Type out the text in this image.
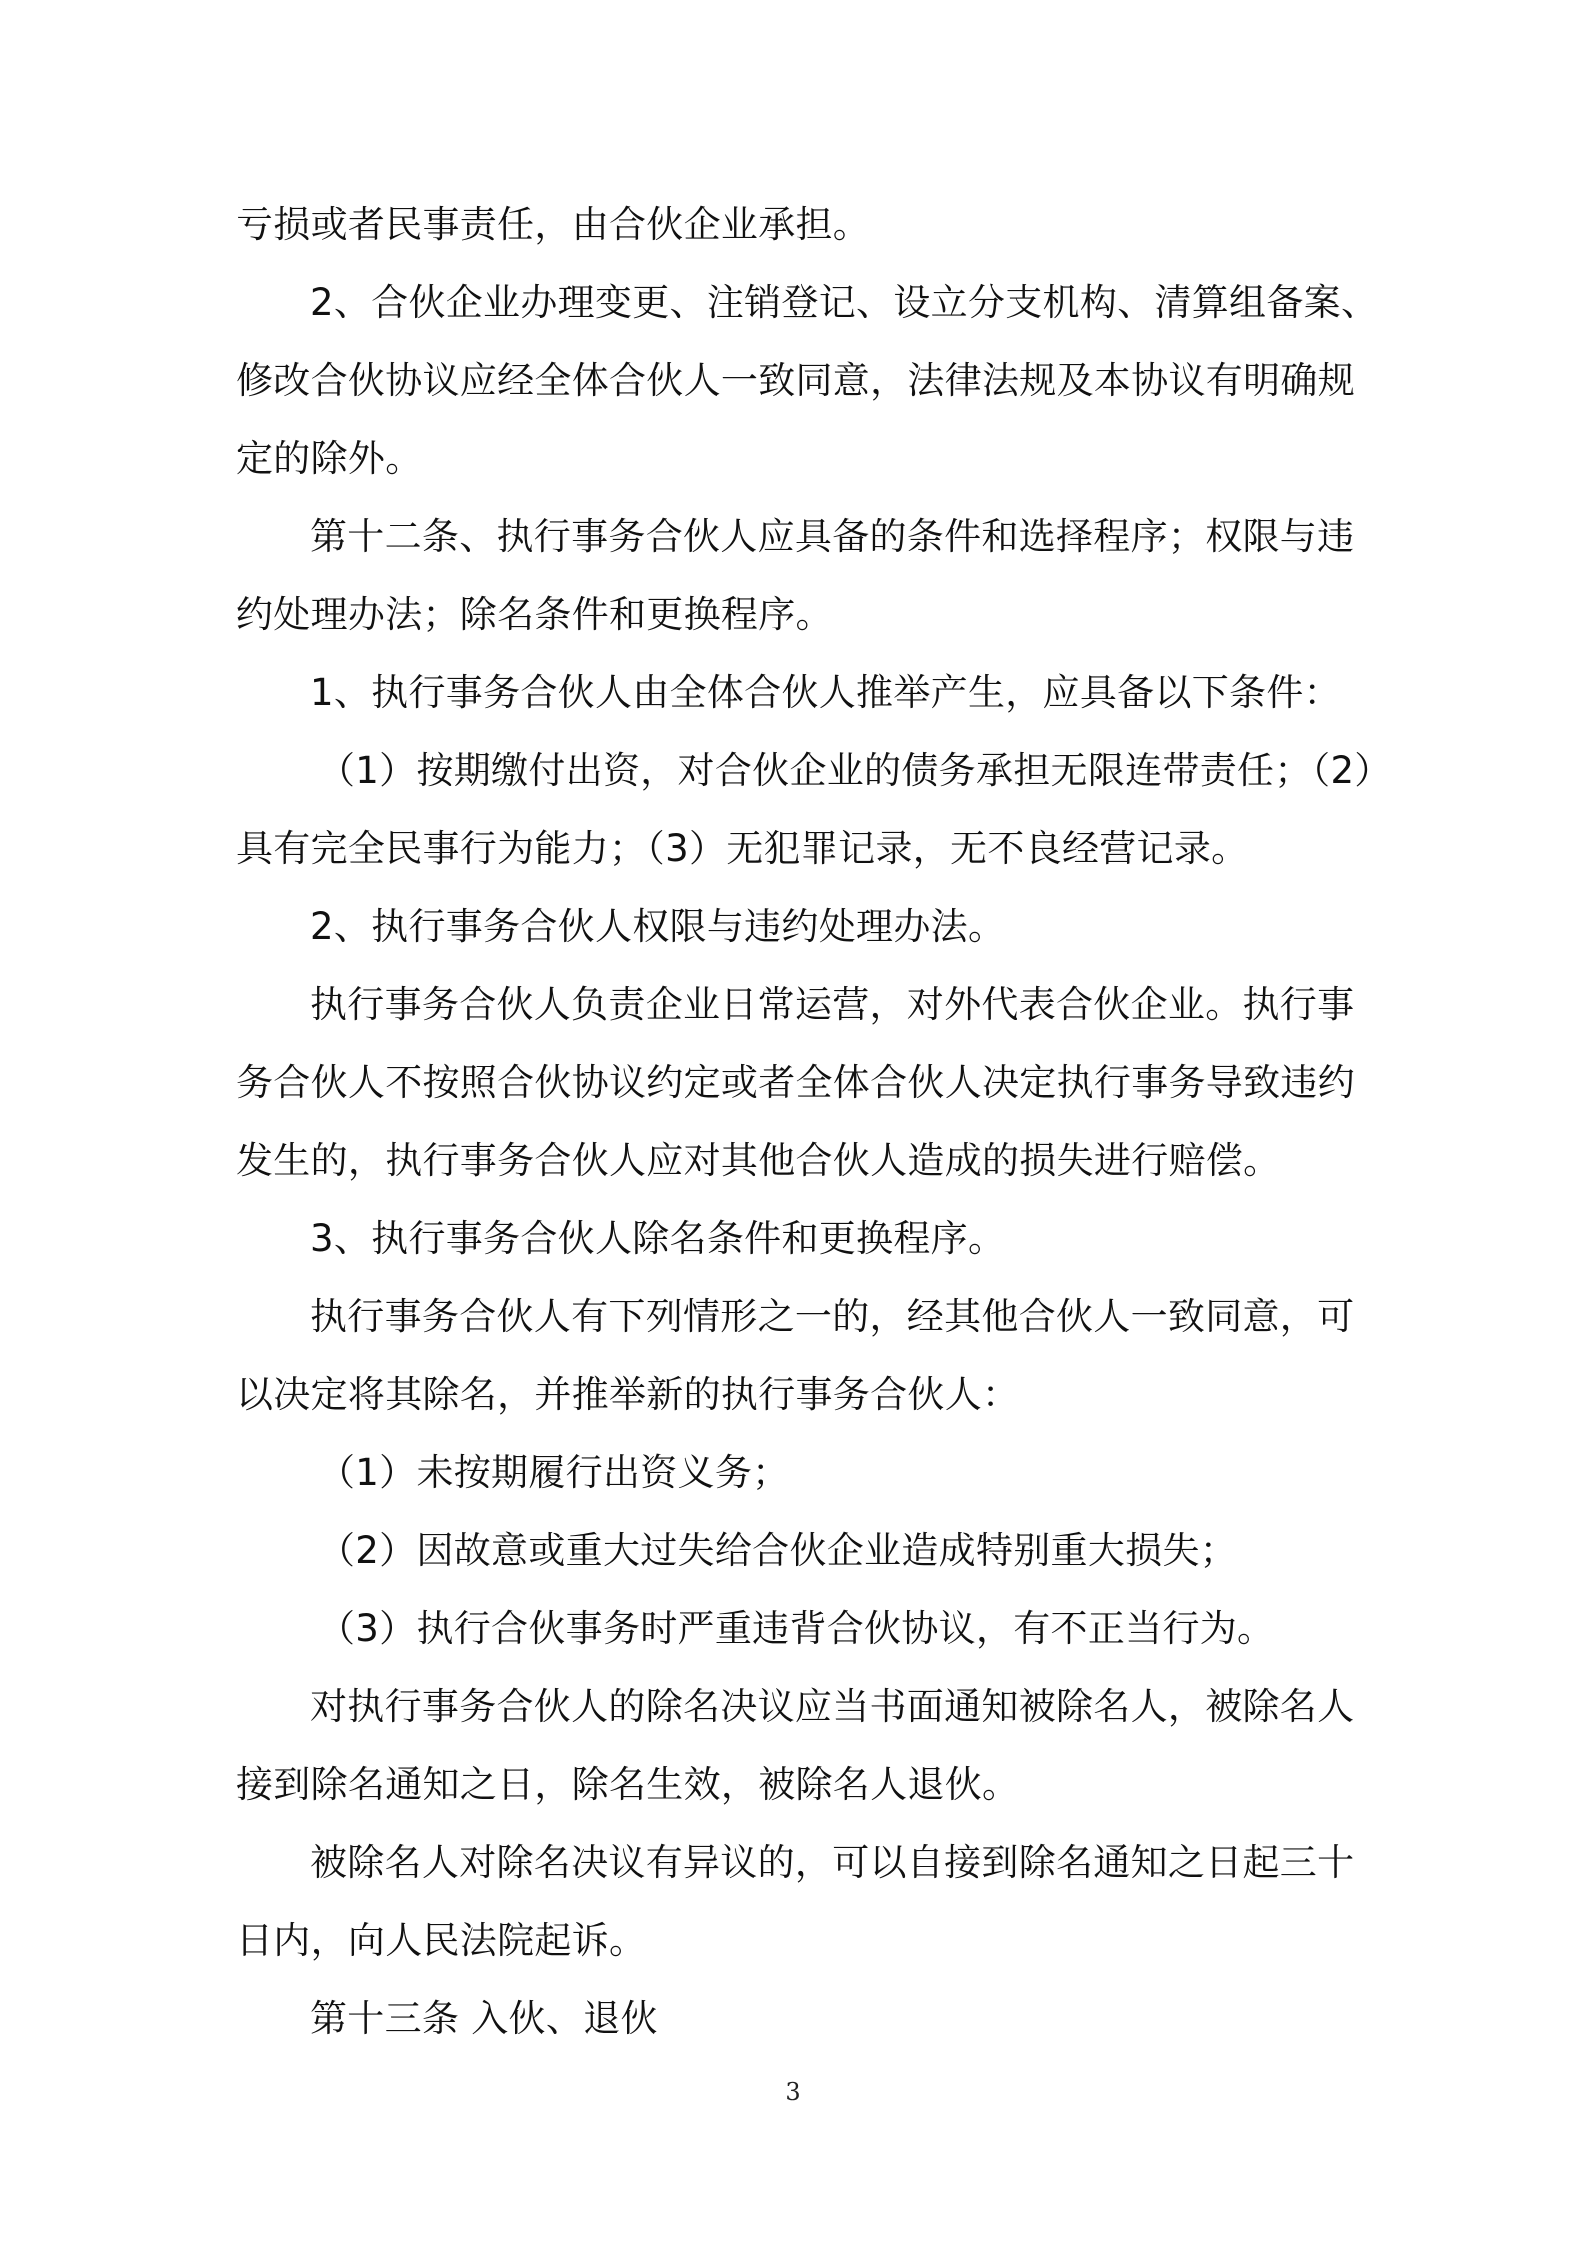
亏损或者民事责任，由合伙企业承担。
2、合伙企业办理变更、注销登记、设立分支机构、清算组备案、
修改合伙协议应经全体合伙人一致同意，法律法规及本协议有明确规
定的除外。
第十二条、执行事务合伙人应具备的条件和选择程序；权限与违
约处理办法；除名条件和更换程序。
1、执行事务合伙人由全体合伙人推举产生，应具备以下条件：
（1）按期缴付出资，对合伙企业的债务承担无限连带责任；（2）
具有完全民事行为能力；（3）无犯罪记录，无不良经营记录。
2、执行事务合伙人权限与违约处理办法。
执行事务合伙人负责企业日常运营，对外代表合伙企业。执行事
务合伙人不按照合伙协议约定或者全体合伙人决定执行事务导致违约
发生的，执行事务合伙人应对其他合伙人造成的损失进行赔偿。
3、执行事务合伙人除名条件和更换程序。
执行事务合伙人有下列情形之一的，经其他合伙人一致同意，可
以决定将其除名，并推举新的执行事务合伙人：
（1）未按期履行出资义务；
（2）因故意或重大过失给合伙企业造成特别重大损失；
（3）执行合伙事务时严重违背合伙协议，有不正当行为。
对执行事务合伙人的除名决议应当书面通知被除名人，被除名人
接到除名通知之日，除名生效，被除名人退伙。
被除名人对除名决议有异议的，可以自接到除名通知之日起三十
日内，向人民法院起诉。
第十三条 入伙、退伙
3
